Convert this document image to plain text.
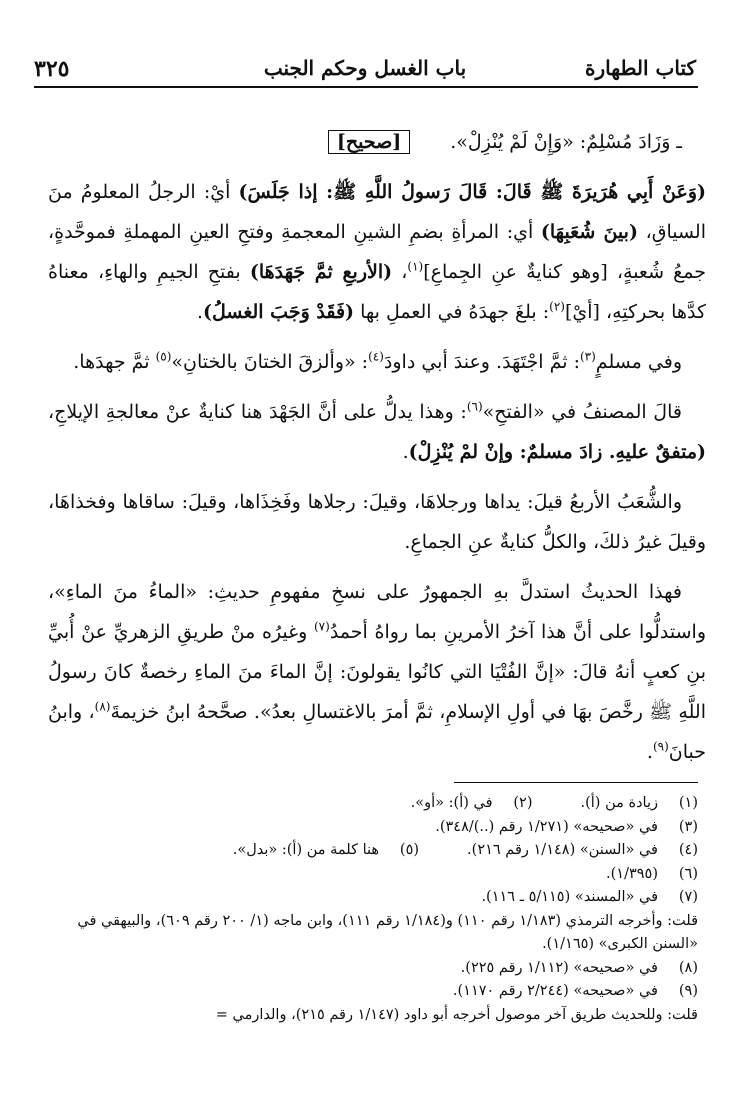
كتاب الطهارة
باب الغسل وحكم الجنب
٣٢٥

ـ وَزَادَ مُسْلِمٌ: «وَإِنْ لَمْ يُنْزِلْ».[صحيح]

(وَعَنْ أَبِي هُرَيرَةَ ﷺ قَالَ: قَالَ رَسولُ اللَّهِ ﷺ: إذا جَلَسَ) أيْ: الرجلُ المعلومُ منَ السياقِ، (بينَ شُعَبِهَا) أي: المرأةِ بضمِ الشينِ المعجمةِ وفتحِ العينِ المهملةِ فموحَّدةٍ، جمعُ شُعبةٍ، [وهو كنايةٌ عنِ الجِماعِ]$^{(١)}$، (الأربعِ ثمَّ جَهَدَهَا) بفتحِ الجيمِ والهاءِ، معناهُ كدَّها بحركتِهِ، [أيْ]$^{(٢)}$: بلغَ جهدَهُ في العملِ بها (فَقَدْ وَجَبَ الغسلُ).

وفي مسلمٍ$^{(٣)}$: ثمَّ اجْتَهَدَ. وعندَ أبي داودَ$^{(٤)}$: «وألزقَ الختانَ بالختانِ»$^{(٥)}$ ثمَّ جهدَها.

قالَ المصنفُ في «الفتحِ»$^{(٦)}$: وهذا يدلُّ على أنَّ الجَهْدَ هنا كنايةٌ عنْ معالجةِ الإيلاجِ، (متفقٌ عليهِ. زادَ مسلمٌ: وإنْ لمْ يُنْزِلْ).

والشُّعَبُ الأربعُ قيلَ: يداها ورجلاهَا، وقيلَ: رجلاها وفَخِذَاها، وقيلَ: ساقاها وفخذاهَا، وقيلَ غيرُ ذلكَ، والكلُّ كنايةٌ عنِ الجماعِ.

فهذا الحديثُ استدلَّ بهِ الجمهورُ على نسخِ مفهومِ حديثِ: «الماءُ منَ الماءِ»، واستدلُّوا على أنَّ هذا آخرُ الأمرينِ بما رواهُ أحمدُ$^{(٧)}$ وغيرُه منْ طريقِ الزهريِّ عنْ أُبيِّ بنِ كعبٍ أنهُ قالَ: «إنَّ الفُتْيَا التي كانُوا يقولونَ: إنَّ الماءَ منَ الماءِ رخصةٌ كانَ رسولُ اللَّهِ ﷺ رخَّصَ بهَا في أولِ الإسلامِ، ثمَّ أمرَ بالاغتسالِ بعدُ». صحَّحهُ ابنُ خزيمةَ$^{(٨)}$، وابنُ حبانَ$^{(٩)}$.

(١)
زيادة من (أ).
(٢)
في (أ): «أو».
(٣)
في «صحيحه» (١/٢٧١ رقم (..)/٣٤٨).
(٤)
في «السنن» (١/١٤٨ رقم ٢١٦).
(٥)
هنا كلمة من (أ): «بدل».
(٦)
(١/٣٩٥).
(٧)
في «المسند» (٥/١١٥ ـ ١١٦).
قلت: وأخرجه الترمذي (١/١٨٣ رقم ١١٠) و(١/١٨٤ رقم ١١١)، وابن ماجه (١/ ٢٠٠ رقم ٦٠٩)، والبيهقي في «السنن الكبرى» (١/١٦٥).
(٨)
في «صحيحه» (١/١١٢ رقم ٢٢٥).
(٩)
في «صحيحه» (٢/٢٤٤ رقم ١١٧٠).
قلت: وللحديث طريق آخر موصول أخرجه أبو داود (١/١٤٧ رقم ٢١٥)، والدارمي =
